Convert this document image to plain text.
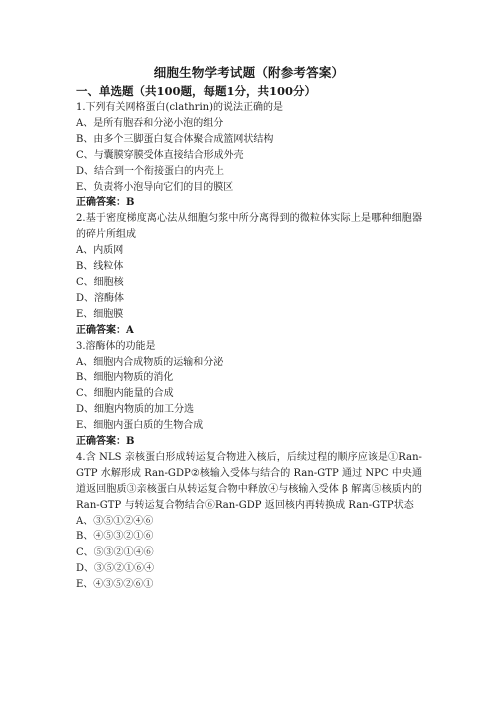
细胞生物学考试题（附参考答案）
一、单选题（共100题，每题1分，共100分）
1.下列有关网格蛋白(clathrin)的说法正确的是
A、是所有胞吞和分泌小泡的组分
B、由多个三脚蛋白复合体聚合成篮网状结构
C、与囊膜穿膜受体直接结合形成外壳
D、结合到一个衔接蛋白的内壳上
E、负责将小泡导向它们的目的膜区
正确答案：B
2.基于密度梯度离心法从细胞匀浆中所分离得到的微粒体实际上是哪种细胞器的碎片所组成
A、内质网
B、线粒体
C、细胞核
D、溶酶体
E、细胞膜
正确答案：A
3.溶酶体的功能是
A、细胞内合成物质的运输和分泌
B、细胞内物质的消化
C、细胞内能量的合成
D、细胞内物质的加工分选
E、细胞内蛋白质的生物合成
正确答案：B
4.含 NLS 亲核蛋白形成转运复合物进入核后，后续过程的顺序应该是①Ran-GTP 水解形成 Ran-GDP②核输入受体与结合的 Ran-GTP 通过 NPC 中央通道返回胞质③亲核蛋白从转运复合物中释放④与核输入受体 β 解离⑤核质内的 Ran-GTP 与转运复合物结合⑥Ran-GDP 返回核内再转换成 Ran-GTP状态
A、③⑤①②④⑥
B、④⑤③②①⑥
C、⑤③②①④⑥
D、③⑤②①⑥④
E、④③⑤②⑥①
